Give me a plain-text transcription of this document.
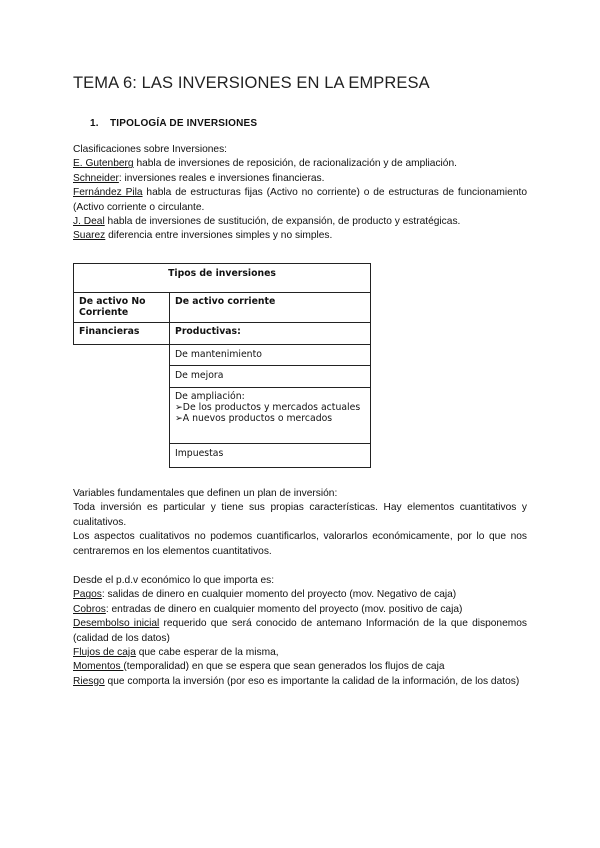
TEMA 6: LAS INVERSIONES EN LA EMPRESA
1. TIPOLOGÍA DE INVERSIONES

Clasificaciones sobre Inversiones:

E. Gutenberg habla de inversiones de reposición, de racionalización y de ampliación.

Schneider: inversiones reales e inversiones financieras.

Fernández Pila habla de estructuras fijas (Activo no corriente) o de estructuras de funcionamiento (Activo corriente o circulante.

J. Deal habla de inversiones de sustitución, de expansión, de producto y estratégicas.

Suarez diferencia entre inversiones simples y no simples.

Tipos de inversiones
De activo No Corriente
De activo corriente
Financieras	Productivas:
De mantenimiento
De mejora
De ampliación:
➢De los productos y mercados actuales
➢A nuevos productos o mercados
Impuestas

Variables fundamentales que definen un plan de inversión:

Toda inversión es particular y tiene sus propias características. Hay elementos cuantitativos y cualitativos.

Los aspectos cualitativos no podemos cuantificarlos, valorarlos económicamente, por lo que nos centraremos en los elementos cuantitativos.

Desde el p.d.v económico lo que importa es:

Pagos: salidas de dinero en cualquier momento del proyecto (mov. Negativo de caja)

Cobros: entradas de dinero en cualquier momento del proyecto (mov. positivo de caja)

Desembolso inicial requerido que será conocido de antemano Información de la que disponemos (calidad de los datos)

Flujos de caja que cabe esperar de la misma,

Momentos (temporalidad) en que se espera que sean generados los flujos de caja

Riesgo que comporta la inversión (por eso es importante la calidad de la información, de los datos)
